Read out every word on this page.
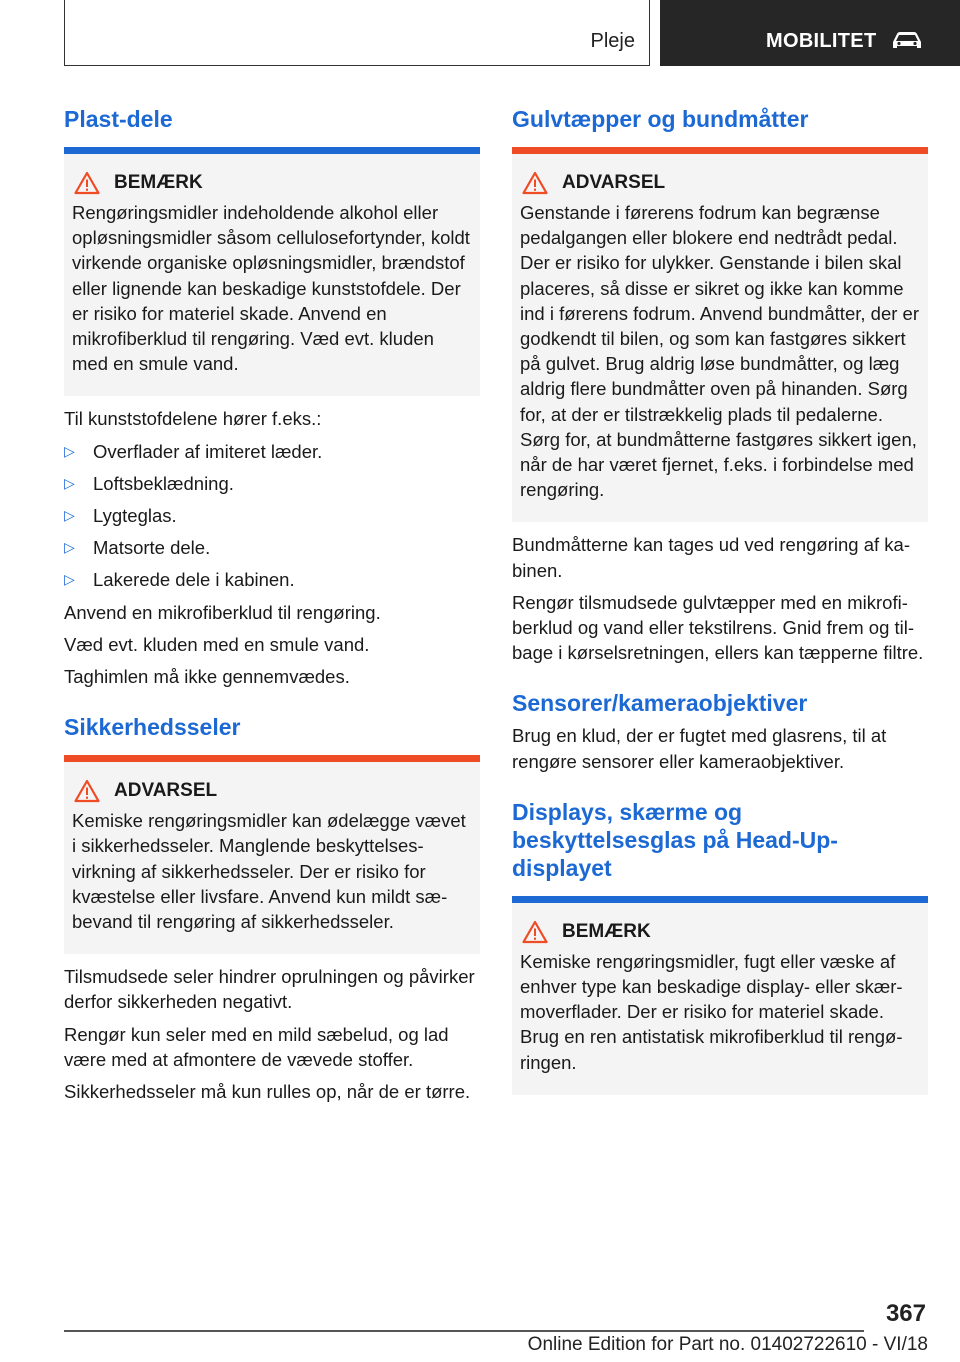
Pleje	MOBILITET
Plast-dele
BEMÆRK
Rengøringsmidler indeholdende alkohol eller opløsningsmidler såsom cellulosefortynder, koldt virkende organiske opløsningsmidler, brændstof eller lignende kan beskadige kunststofdele. Der er risiko for materiel skade. Anvend en mikrofiberklud til rengøring. Væd evt. kluden med en smule vand.

Til kunststofdelene hører f.eks.:

▷ Overflader af imiteret læder.
▷ Loftsbeklædning.
▷ Lygteglas.
▷ Matsorte dele.
▷ Lakerede dele i kabinen.

Anvend en mikrofiberklud til rengøring.

Væd evt. kluden med en smule vand.

Taghimlen må ikke gennemvædes.

Sikkerhedsseler
ADVARSEL
Kemiske rengøringsmidler kan ødelægge vævet i sikkerhedsseler. Manglende beskyttelsesvirkning af sikkerhedsseler. Der er risiko for kvæstelse eller livsfare. Anvend kun mildt sæbevand til rengøring af sikkerhedsseler.

Tilsmudsede seler hindrer oprulningen og påvirker derfor sikkerheden negativt.

Rengør kun seler med en mild sæbelud, og lad være med at afmontere de vævede stoffer.

Sikkerhedsseler må kun rulles op, når de er tørre.

Gulvtæpper og bundmåtter
ADVARSEL
Genstande i førerens fodrum kan begrænse pedalgangen eller blokere end nedtrådt pedal. Der er risiko for ulykker. Genstande i bilen skal placeres, så disse er sikret og ikke kan komme ind i førerens fodrum. Anvend bundmåtter, der er godkendt til bilen, og som kan fastgøres sikkert på gulvet. Brug aldrig løse bundmåtter, og læg aldrig flere bundmåtter oven på hinanden. Sørg for, at der er tilstrækkelig plads til pedalerne. Sørg for, at bundmåtterne fastgøres sikkert igen, når de har været fjernet, f.eks. i forbindelse med rengøring.

Bundmåtterne kan tages ud ved rengøring af kabinen.

Rengør tilsmudsede gulvtæpper med en mikrofiberklud og vand eller tekstilrens. Gnid frem og tilbage i kørselsretningen, ellers kan tæpperne filtre.

Sensorer/kameraobjektiver

Brug en klud, der er fugtet med glasrens, til at rengøre sensorer eller kameraobjektiver.

Displays, skærme og beskyttelsesglas på Head-Up-displayet
BEMÆRK
Kemiske rengøringsmidler, fugt eller væske af enhver type kan beskadige display- eller skærmoverflader. Der er risiko for materiel skade. Brug en ren antistatisk mikrofiberklud til rengøringen.
367
Online Edition for Part no. 01402722610 - VI/18
